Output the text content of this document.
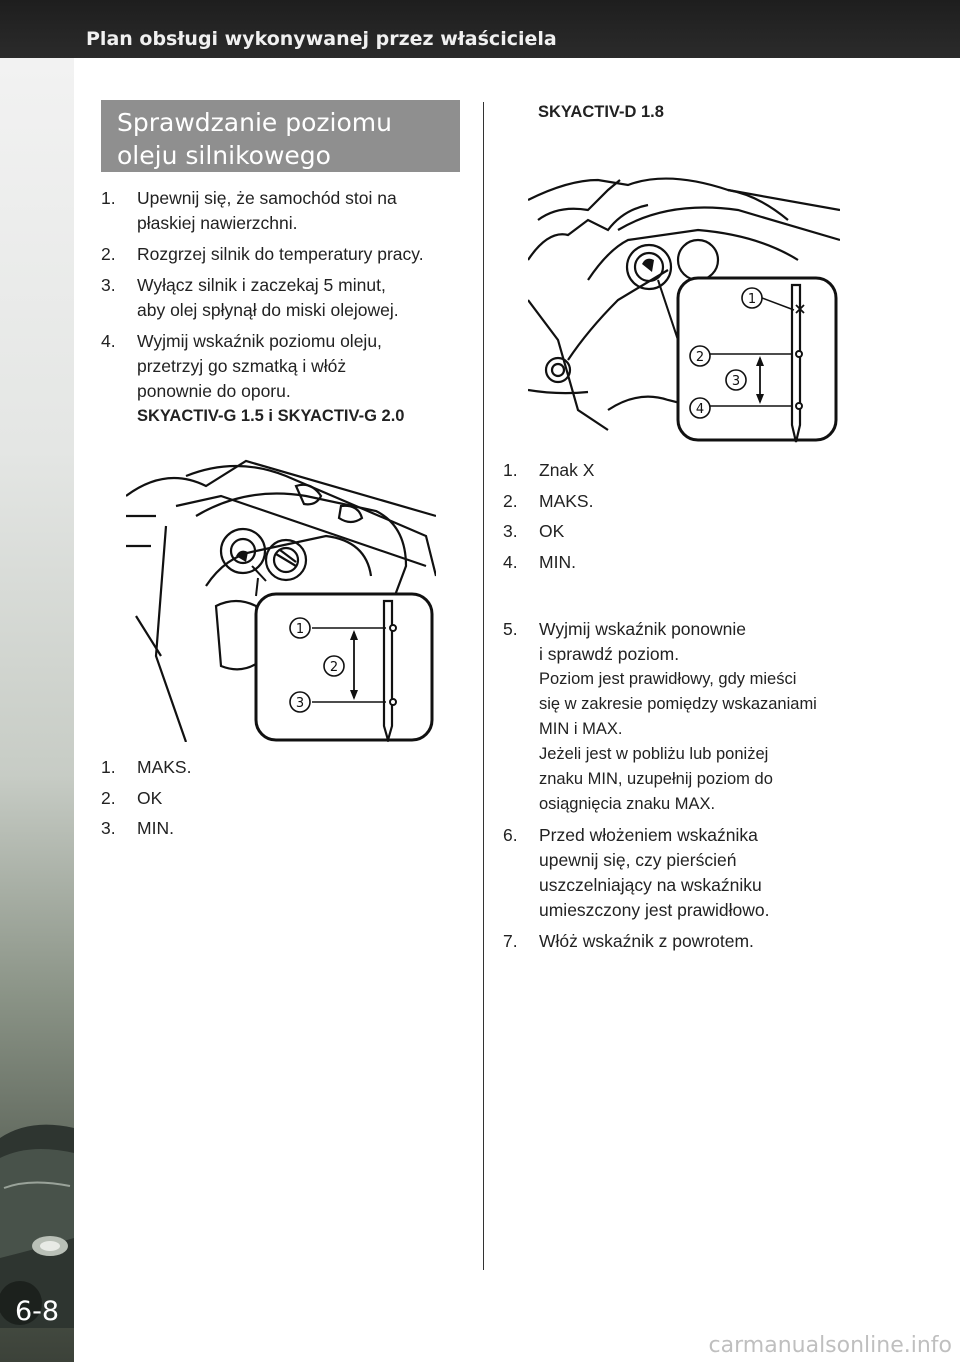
Plan obsługi wykonywanej przez właściciela
6-8
Sprawdzanie poziomu
oleju silnikowego
1. Upewnij się, że samochód stoi na
płaskiej nawierzchni.
2. Rozgrzej silnik do temperatury pracy.
3. Wyłącz silnik i zaczekaj 5 minut,
aby olej spłynął do miski olejowej.
4. Wyjmij wskaźnik poziomu oleju,
przetrzyj go szmatką i włóż
ponownie do oporu.
SKYACTIV-G 1.5 i SKYACTIV-G 2.0
1
2
3
1. MAKS.
2. OK
3. MIN.
SKYACTIV-D 1.8
1
2
3
4
1. Znak X
2. MAKS.
3. OK
4. MIN.
5. Wyjmij wskaźnik ponownie
i sprawdź poziom.
Poziom jest prawidłowy, gdy mieści
się w zakresie pomiędzy wskazaniami
MIN i MAX.
Jeżeli jest w pobliżu lub poniżej
znaku MIN, uzupełnij poziom do
osiągnięcia znaku MAX.
6. Przed włożeniem wskaźnika
upewnij się, czy pierścień
uszczelniający na wskaźniku
umieszczony jest prawidłowo.
7. Włóż wskaźnik z powrotem.
carmanualsonline.info
